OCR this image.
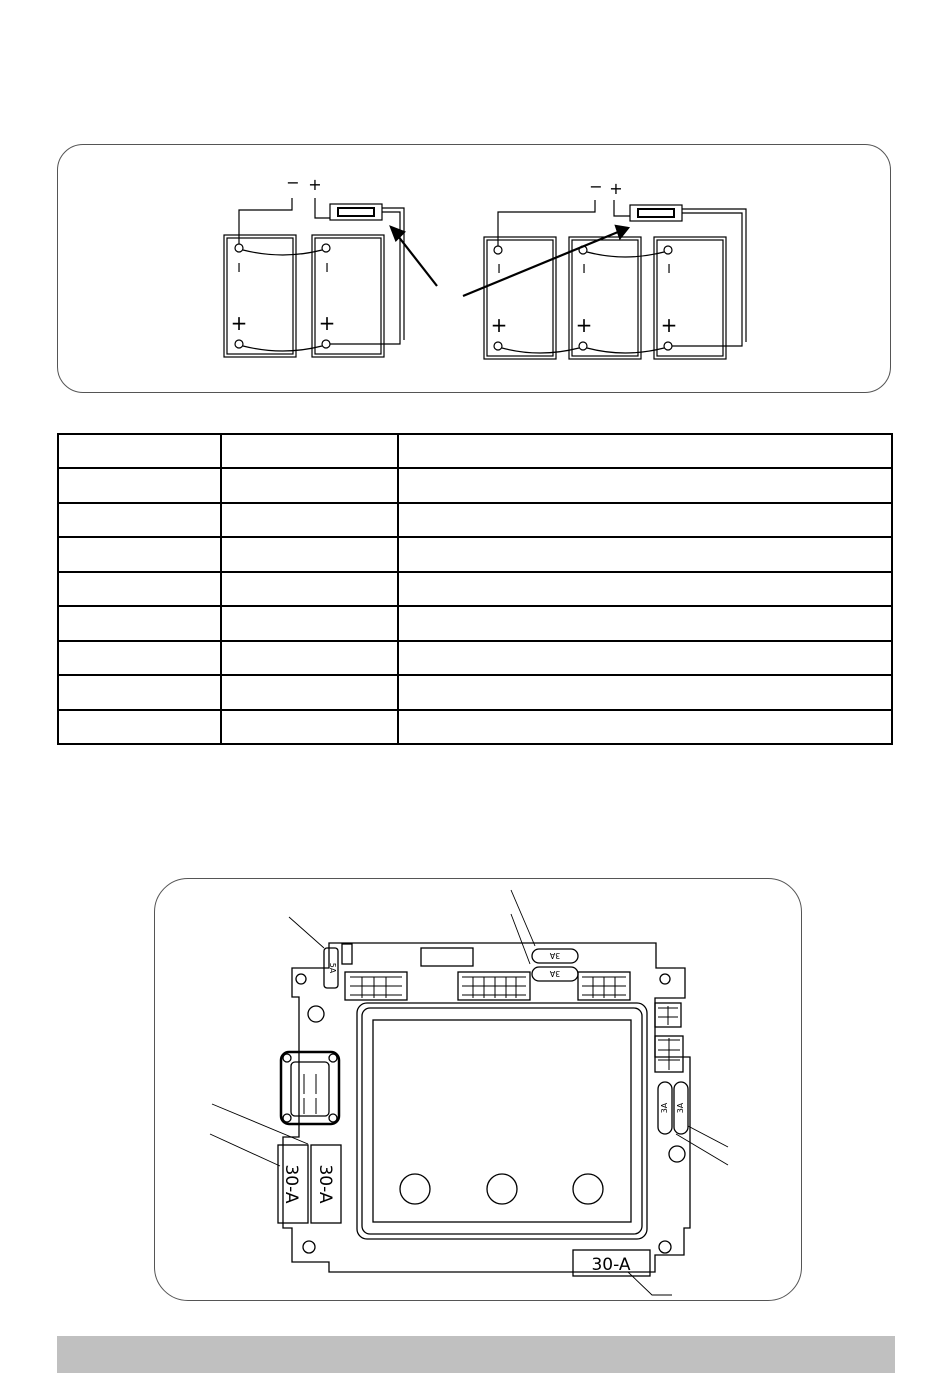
− +	− +
I	I	I	I	I
+	+	+	+	+

5A
3A
3A
3A 3A
30-A 30-A
30-A
